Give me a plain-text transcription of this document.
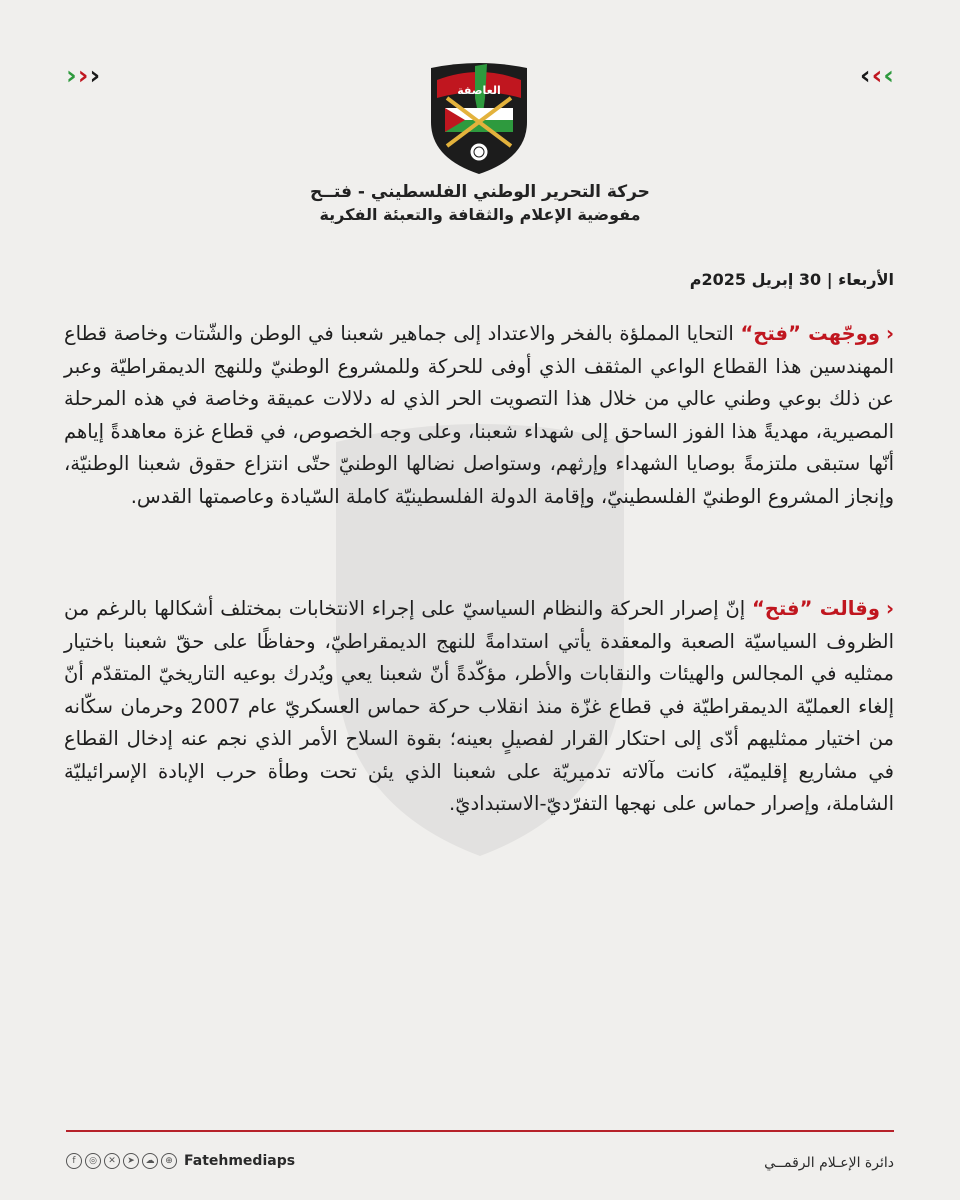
› › ›	‹ ‹ ‹
العاصفة
حركة التحرير الوطني الفلسطيني - فتــح
مفوضية الإعلام والثقافة والتعبئة الفكرية
الأربعاء | 30 إبريل 2025م
‹ووجّهت ”فتح“ التحايا المملؤة بالفخر والاعتداد إلى جماهير شعبنا في الوطن والشّتات وخاصة قطاع المهندسين هذا القطاع الواعي المثقف الذي أوفى للحركة وللمشروع الوطنيّ وللنهج الديمقراطيّة وعبر عن ذلك بوعي وطني عالي من خلال هذا التصويت الحر الذي له دلالات عميقة وخاصة في هذه المرحلة المصيرية، مهديةً هذا الفوز الساحق إلى شهداء شعبنا، وعلى وجه الخصوص، في قطاع غزة معاهدةً إياهم أنّها ستبقى ملتزمةً بوصايا الشهداء وإرثهم، وستواصل نضالها الوطنيّ حتّى انتزاع حقوق شعبنا الوطنيّة، وإنجاز المشروع الوطنيّ الفلسطينيّ، وإقامة الدولة الفلسطينيّة كاملة السّيادة وعاصمتها القدس.
‹وقالت ”فتح“ إنّ إصرار الحركة والنظام السياسيّ على إجراء الانتخابات بمختلف أشكالها بالرغم من الظروف السياسيّة الصعبة والمعقدة يأتي استدامةً للنهج الديمقراطيّ، وحفاظًا على حقّ شعبنا باختيار ممثليه في المجالس والهيئات والنقابات والأطر، مؤكّدةً أنّ شعبنا يعي ويُدرك بوعيه التاريخيّ المتقدّم أنّ إلغاء العمليّة الديمقراطيّة في قطاع غزّة منذ انقلاب حركة حماس العسكريّ عام 2007 وحرمان سكّانه من اختيار ممثليهم أدّى إلى احتكار القرار لفصيلٍ بعينه؛ بقوة السلاح الأمر الذي نجم عنه إدخال القطاع في مشاريع إقليميّة، كانت مآلاته تدميريّة على شعبنا الذي يئن تحت وطأة حرب الإبادة الإسرائيليّة الشاملة، وإصرار حماس على نهجها التفرّديّ-الاستبداديّ.
دائرة الإعـلام الرقمــي
f	◎	✕	➤	☁	⊕ Fatehmediaps
